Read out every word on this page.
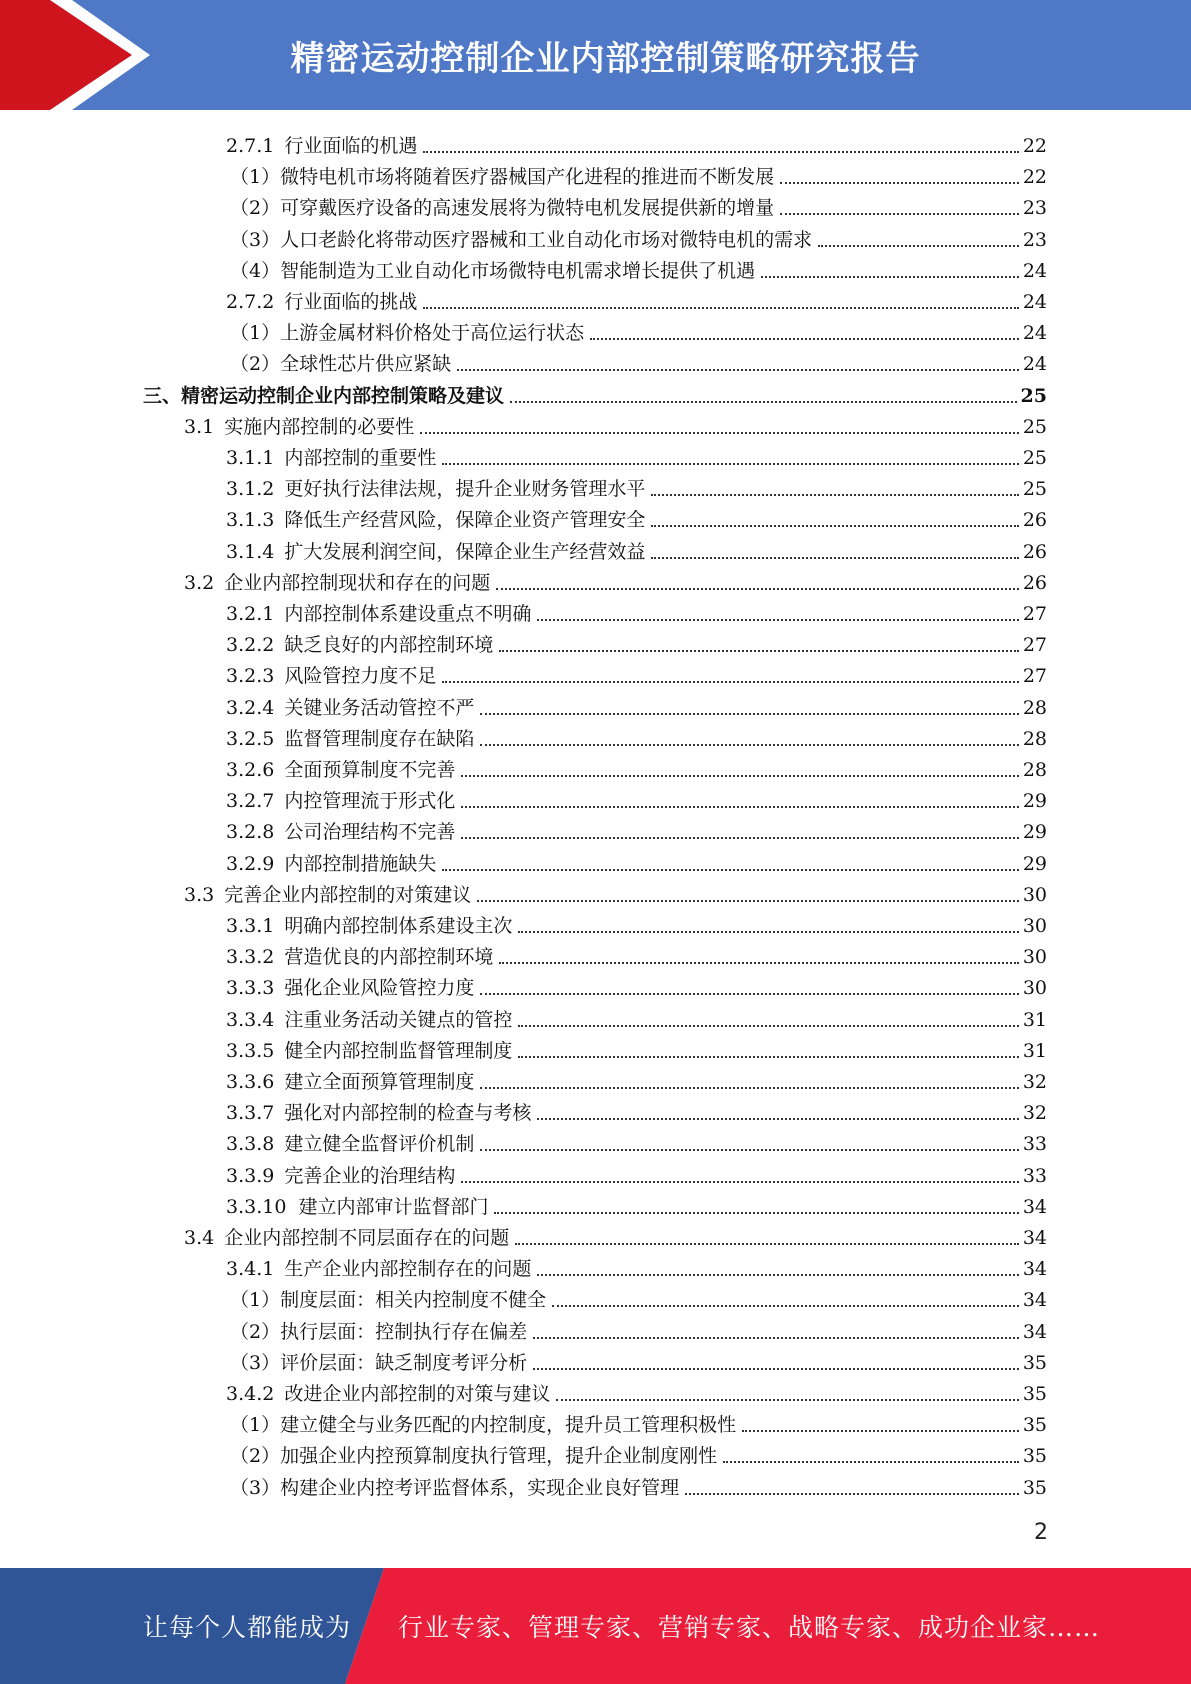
精密运动控制企业内部控制策略研究报告
2.7.1 行业面临的机遇	22
（1）微特电机市场将随着医疗器械国产化进程的推进而不断发展	22
（2）可穿戴医疗设备的高速发展将为微特电机发展提供新的增量	23
（3）人口老龄化将带动医疗器械和工业自动化市场对微特电机的需求	23
（4）智能制造为工业自动化市场微特电机需求增长提供了机遇	24
2.7.2 行业面临的挑战	24
（1）上游金属材料价格处于高位运行状态	24
（2）全球性芯片供应紧缺	24
三、精密运动控制企业内部控制策略及建议	25
3.1 实施内部控制的必要性	25
3.1.1 内部控制的重要性	25
3.1.2 更好执行法律法规，提升企业财务管理水平	25
3.1.3 降低生产经营风险，保障企业资产管理安全	26
3.1.4 扩大发展利润空间，保障企业生产经营效益	26
3.2 企业内部控制现状和存在的问题	26
3.2.1 内部控制体系建设重点不明确	27
3.2.2 缺乏良好的内部控制环境	27
3.2.3 风险管控力度不足	27
3.2.4 关键业务活动管控不严	28
3.2.5 监督管理制度存在缺陷	28
3.2.6 全面预算制度不完善	28
3.2.7 内控管理流于形式化	29
3.2.8 公司治理结构不完善	29
3.2.9 内部控制措施缺失	29
3.3 完善企业内部控制的对策建议	30
3.3.1 明确内部控制体系建设主次	30
3.3.2 营造优良的内部控制环境	30
3.3.3 强化企业风险管控力度	30
3.3.4 注重业务活动关键点的管控	31
3.3.5 健全内部控制监督管理制度	31
3.3.6 建立全面预算管理制度	32
3.3.7 强化对内部控制的检查与考核	32
3.3.8 建立健全监督评价机制	33
3.3.9 完善企业的治理结构	33
3.3.10 建立内部审计监督部门	34
3.4 企业内部控制不同层面存在的问题	34
3.4.1 生产企业内部控制存在的问题	34
（1）制度层面：相关内控制度不健全	34
（2）执行层面：控制执行存在偏差	34
（3）评价层面：缺乏制度考评分析	35
3.4.2 改进企业内部控制的对策与建议	35
（1）建立健全与业务匹配的内控制度，提升员工管理积极性	35
（2）加强企业内控预算制度执行管理，提升企业制度刚性	35
（3）构建企业内控考评监督体系，实现企业良好管理	35
2
让每个人都能成为 行业专家、管理专家、营销专家、战略专家、成功企业家……
